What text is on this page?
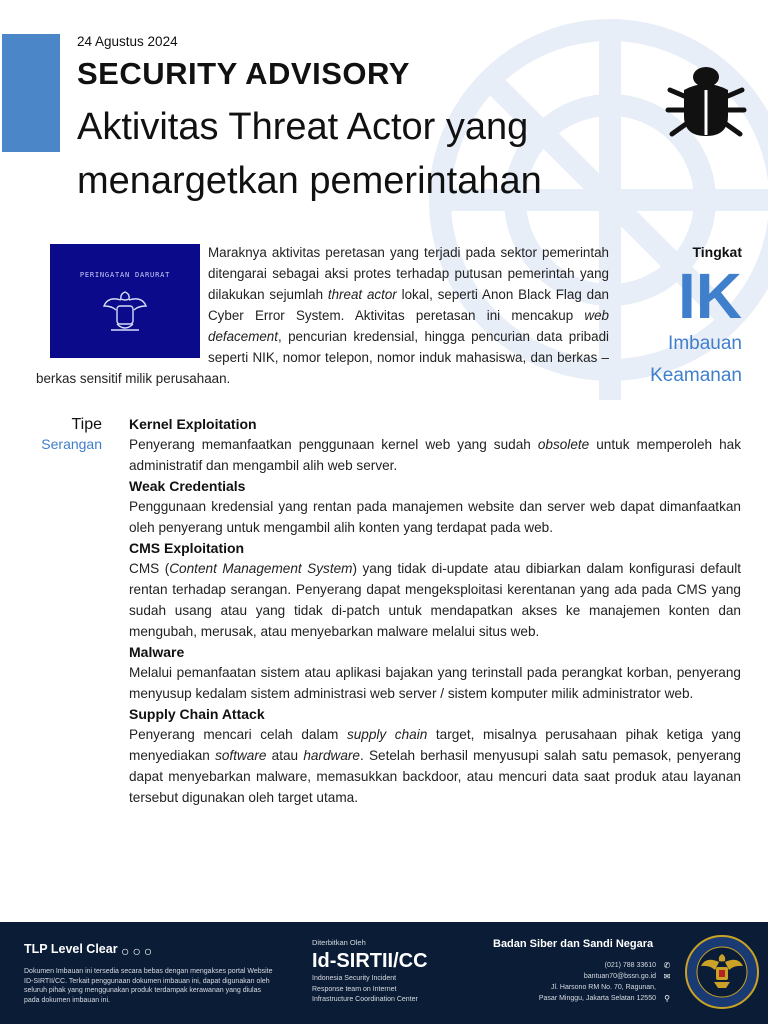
24 Agustus 2024
SECURITY ADVISORY
Aktivitas Threat Actor yang menargetkan pemerintahan
PERINGATAN DARURAT
Maraknya aktivitas peretasan yang terjadi pada sektor pemerintah ditengarai sebagai aksi protes terhadap putusan pemerintah yang dilakukan sejumlah threat actor lokal, seperti Anon Black Flag dan Cyber Error System. Aktivitas peretasan ini mencakup web defacement, pencurian kredensial, hingga pencurian data pribadi seperti NIK, nomor telepon, nomor induk mahasiswa, dan berkas – berkas sensitif milik perusahaan.
Tingkat
IK
Imbauan
Keamanan
Tipe
Serangan
Kernel Exploitation

Penyerang memanfaatkan penggunaan kernel web yang sudah obsolete untuk memperoleh hak administratif dan mengambil alih web server.

Weak Credentials

Penggunaan kredensial yang rentan pada manajemen website dan server web dapat dimanfaatkan oleh penyerang untuk mengambil alih konten yang terdapat pada web.

CMS Exploitation

CMS (Content Management System) yang tidak di-update atau dibiarkan dalam konfigurasi default rentan terhadap serangan. Penyerang dapat mengeksploitasi kerentanan yang ada pada CMS yang sudah usang atau yang tidak di-patch untuk mendapatkan akses ke manajemen konten dan mengubah, merusak, atau menyebarkan malware melalui situs web.

Malware

Melalui pemanfaatan sistem atau aplikasi bajakan yang terinstall pada perangkat korban, penyerang menyusup kedalam sistem administrasi web server / sistem komputer milik administrator web.

Supply Chain Attack

Penyerang mencari celah dalam supply chain target, misalnya perusahaan pihak ketiga yang menyediakan software atau hardware. Setelah berhasil menyusupi salah satu pemasok, penyerang dapat menyebarkan malware, memasukkan backdoor, atau mencuri data saat produk atau layanan tersebut digunakan oleh target utama.

TLP Level Clear ○○○
Dokumen Imbauan ini tersedia secara bebas dengan mengakses portal Website ID-SIRTII/CC. Terkait penggunaan dokumen imbauan ini, dapat digunakan oleh seluruh pihak yang menggunakan produk terdampak kerawanan yang diulas pada dokumen imbauan ini.
Diterbitkan Oleh
Id-SIRTII/CC
Indonesia Security Incident
Response team on Internet
Infrastructure Coordination Center
Badan Siber dan Sandi Negara
(021) 788 33610 ✆
bantuan70@bssn.go.id ✉
Jl. Harsono RM No. 70, Ragunan,
Pasar Minggu, Jakarta Selatan 12550 ⚲
